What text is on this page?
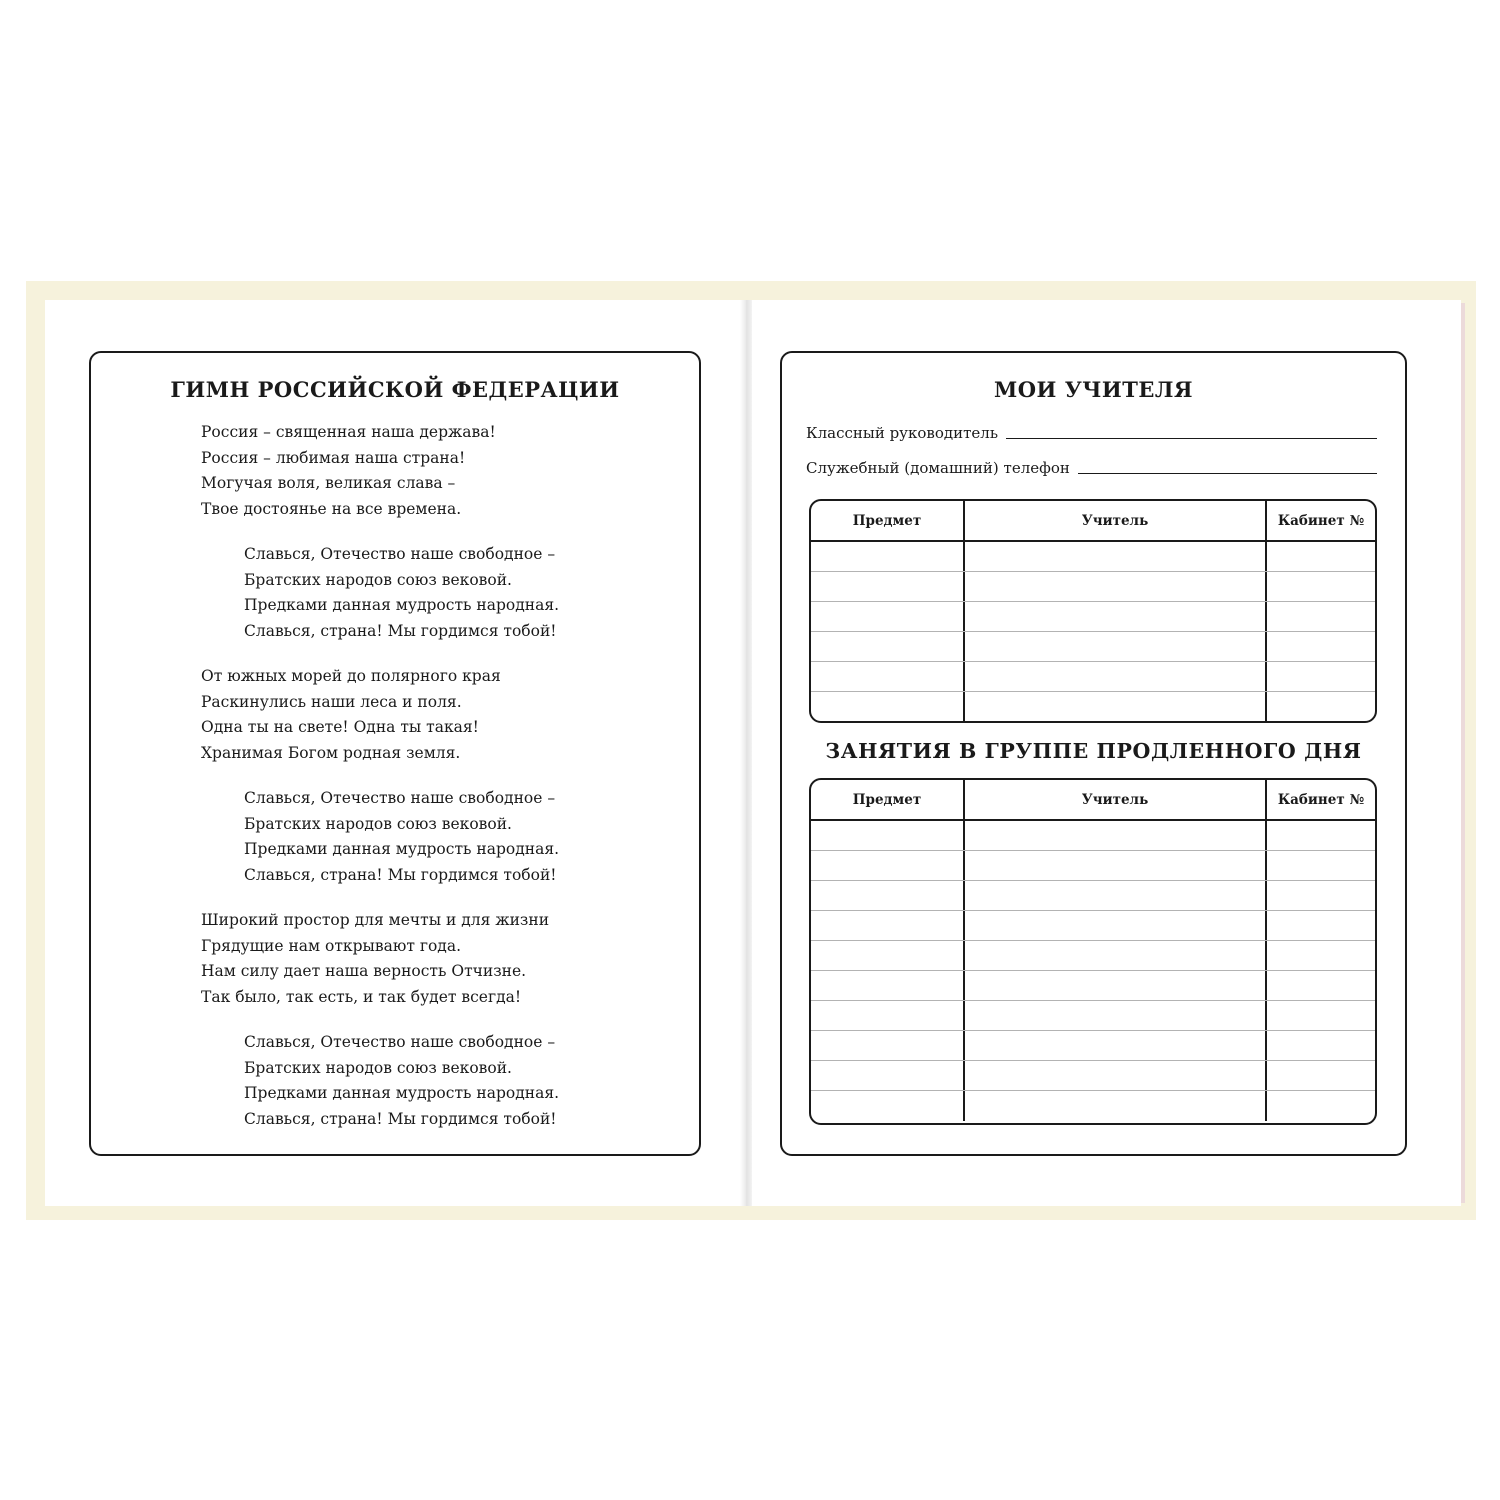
ГИМН РОССИЙСКОЙ ФЕДЕРАЦИИ
Россия – священная наша держава!
Россия – любимая наша страна!
Могучая воля, великая слава –
Твое достоянье на все времена.
Славься, Отечество наше свободное –
Братских народов союз вековой.
Предками данная мудрость народная.
Славься, страна! Мы гордимся тобой!
От южных морей до полярного края
Раскинулись наши леса и поля.
Одна ты на свете! Одна ты такая!
Хранимая Богом родная земля.
Славься, Отечество наше свободное –
Братских народов союз вековой.
Предками данная мудрость народная.
Славься, страна! Мы гордимся тобой!
Широкий простор для мечты и для жизни
Грядущие нам открывают года.
Нам силу дает наша верность Отчизне.
Так было, так есть, и так будет всегда!
Славься, Отечество наше свободное –
Братских народов союз вековой.
Предками данная мудрость народная.
Славься, страна! Мы гордимся тобой!
МОИ УЧИТЕЛЯ
Классный руководитель
Служебный (домашний) телефон
Предмет	Учитель	Кабинет №
ЗАНЯТИЯ В ГРУППЕ ПРОДЛЕННОГО ДНЯ
Предмет	Учитель	Кабинет №
